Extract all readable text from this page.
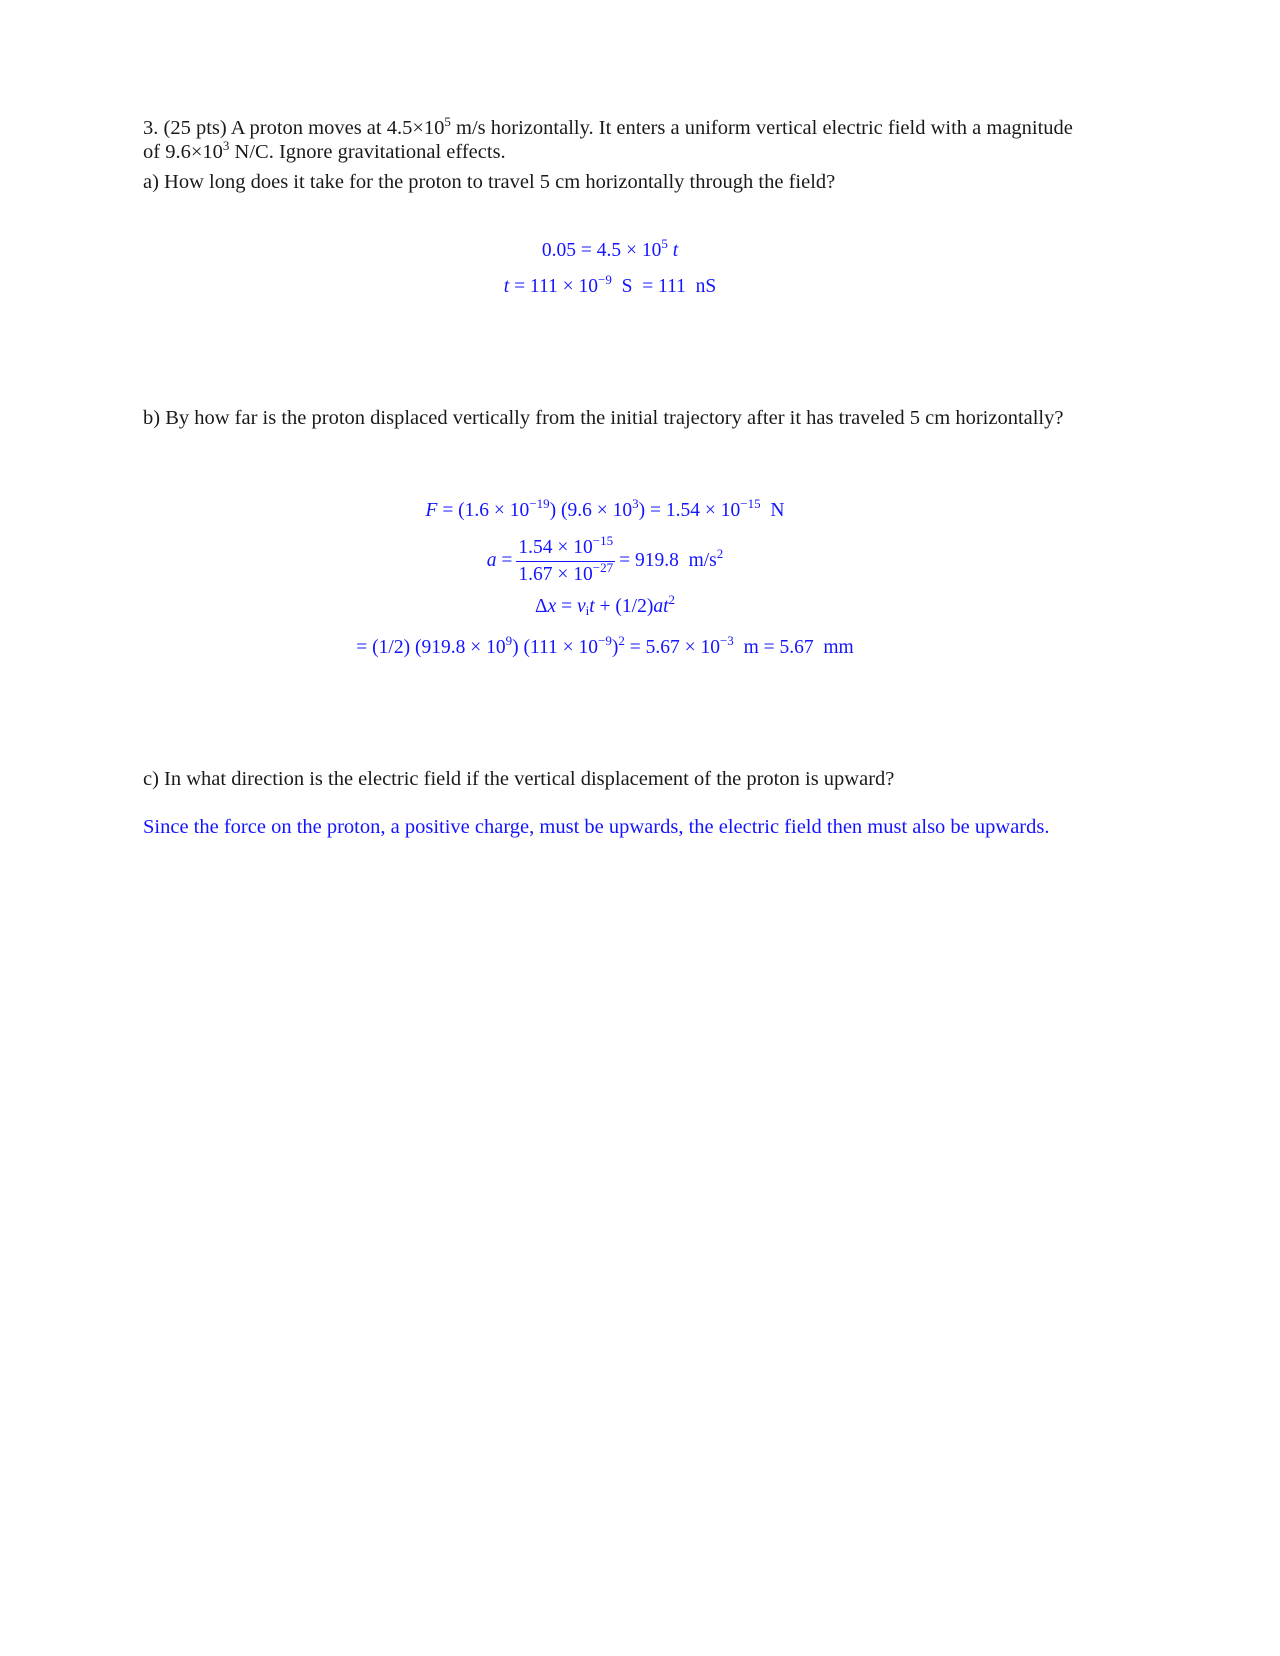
3. (25 pts) A proton moves at $4.5\times 10^5$ m/s horizontally. It enters a uniform vertical electric field with a magnitude of $9.6\times 10^3$ N/C. Ignore gravitational effects.
a) How long does it take for the proton to travel 5 cm horizontally through the field?
$0.05 = 4.5 \times 10^5$ t
$t = 111 \times 10^{-9}$  S  = 111  nS
b) By how far is the proton displaced vertically from the initial trajectory after it has traveled 5 cm horizontally?
$F = (1.6 \times 10^{-19})$ $(9.6 \times 10^3) = 1.54 \times 10^{-15}$  N
$a = \frac{1.54 \times 10^{-15}}{1.67 \times 10^{-27}} = 919.8$  $m/s^2$
$\Delta x = v_it + (1/2)at^2$
= (1/2) $(919.8 \times 10^9)$ $(111 \times 10^{-9})^2 = 5.67 \times 10^{-3}$  m = 5.67  mm
c) In what direction is the electric field if the vertical displacement of the proton is upward?
Since the force on the proton, a positive charge, must be upwards, the electric field then must also be upwards.
